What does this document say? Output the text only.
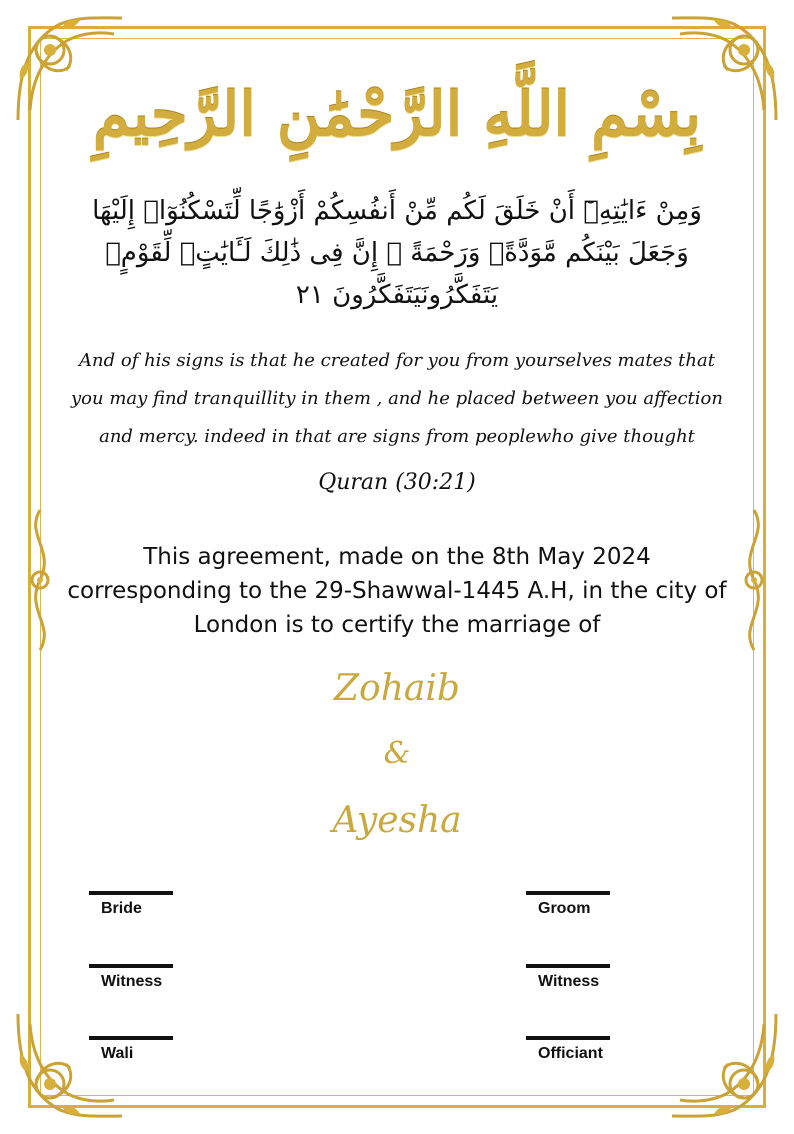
بِسْمِ اللَّهِ الرَّحْمَٰنِ الرَّحِيمِ
وَمِنْ ءَايَٰتِهِۦٓ أَنْ خَلَقَ لَكُم مِّنْ أَنفُسِكُمْ أَزْوَٰجًا لِّتَسْكُنُوٓا۟ إِلَيْهَا
وَجَعَلَ بَيْنَكُم مَّوَدَّةًۭ وَرَحْمَةً ۚ إِنَّ فِى ذَٰلِكَ لَـَٔايَٰتٍۢ لِّقَوْمٍۢ
يَتَفَكَّرُونَيَتَفَكَّرُونَ ٢١
And of his signs is that he created for you from yourselves mates that
you may find tranquillity in them , and he placed between you affection
and mercy. indeed in that are signs from peoplewho give thought
Quran (30:21)
This agreement, made on the 8th May 2024
corresponding to the 29-Shawwal-1445 A.H, in the city of
London is to certify the marriage of
Zohaib
&
Ayesha
Bride	Groom
Witness	Witness
Wali	Officiant
